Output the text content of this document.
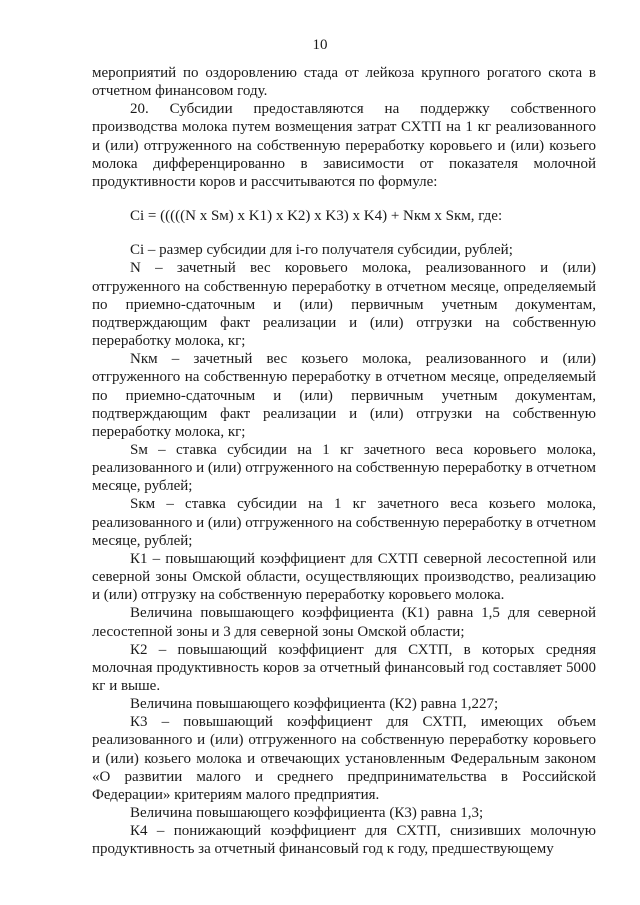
10

мероприятий по оздоровлению стада от лейкоза крупного рогатого скота в отчетном финансовом году.

20. Субсидии предоставляются на поддержку собственного производства молока путем возмещения затрат СХТП на 1 кг реализованного и (или) отгруженного на собственную переработку коровьего и (или) козьего молока дифференцированно в зависимости от показателя молочной продуктивности коров и рассчитываются по формуле:

Ci = (((((N x Sм) x K1) x K2) x K3) x K4) + Nкм x Sкм, где:

Ci – размер субсидии для i-го получателя субсидии, рублей;

N – зачетный вес коровьего молока, реализованного и (или) отгруженного на собственную переработку в отчетном месяце, определяемый по приемно-сдаточным и (или) первичным учетным документам, подтверждающим факт реализации и (или) отгрузки на собственную переработку молока, кг;

Nкм – зачетный вес козьего молока, реализованного и (или) отгруженного на собственную переработку в отчетном месяце, определяемый по приемно-сдаточным и (или) первичным учетным документам, подтверждающим факт реализации и (или) отгрузки на собственную переработку молока, кг;

Sм – ставка субсидии на 1 кг зачетного веса коровьего молока, реализованного и (или) отгруженного на собственную переработку в отчетном месяце, рублей;

Sкм – ставка субсидии на 1 кг зачетного веса козьего молока, реализованного и (или) отгруженного на собственную переработку в отчетном месяце, рублей;

К1 – повышающий коэффициент для СХТП северной лесостепной или северной зоны Омской области, осуществляющих производство, реализацию и (или) отгрузку на собственную переработку коровьего молока.

Величина повышающего коэффициента (К1) равна 1,5 для северной лесостепной зоны и 3 для северной зоны Омской области;

К2 – повышающий коэффициент для СХТП, в которых средняя молочная продуктивность коров за отчетный финансовый год составляет 5000 кг и выше.

Величина повышающего коэффициента (К2) равна 1,227;

К3 – повышающий коэффициент для СХТП, имеющих объем реализованного и (или) отгруженного на собственную переработку коровьего и (или) козьего молока и отвечающих установленным Федеральным законом «О развитии малого и среднего предпринимательства в Российской Федерации» критериям малого предприятия.

Величина повышающего коэффициента (К3) равна 1,3;

К4 – понижающий коэффициент для СХТП, снизивших молочную продуктивность за отчетный финансовый год к году, предшествующему
